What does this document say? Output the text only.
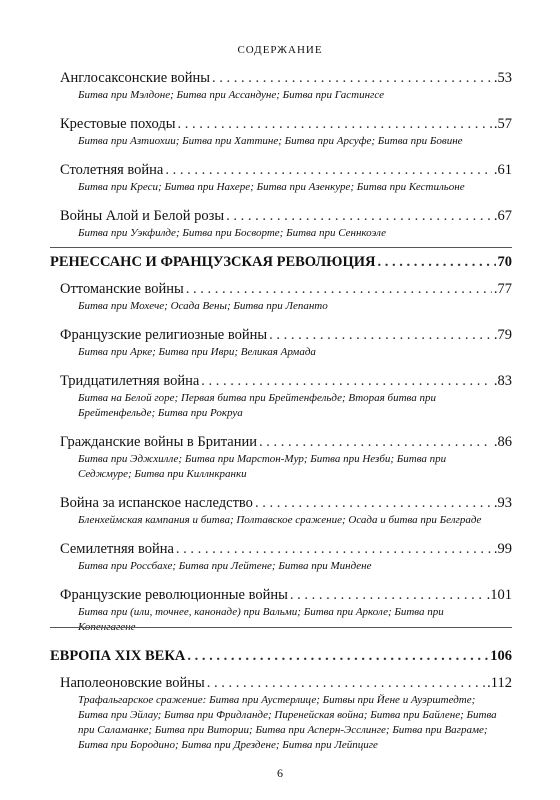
СОДЕРЖАНИЕ
Англосаксонские войны . . .	.53
Битва при Мэлдоне; Битва при Ассандуне; Битва при Гастингсе
Крестовые походы . . .	.57
Битва при Азтиохии; Битва при Хаттине; Битва при Арсуфе; Битва при Бовине
Столетняя война . . .	.61
Битва при Креси; Битва при Нахере; Битва при Азенкуре; Битва при Кестильоне
Войны Алой и Белой розы . . .	.67
Битва при Уэкфилде; Битва при Босворте; Битва при Сеннкоэле
РЕНЕССАНС И ФРАНЦУЗСКАЯ РЕВОЛЮЦИЯ . . .	70
Оттоманские войны . . .	.77
Битва при Мохече; Осада Вены; Битва при Лепанто
Французские религиозные войны . . .	.79
Битва при Арке; Битва при Иври; Великая Армада
Тридцатилетняя война . . .	.83
Битва на Белой горе; Первая битва при Брейтенфельде; Вторая битва при Брейтенфельде; Битва при Рокруа
Гражданские войны в Британии . . .	.86
Битва при Эджхилле; Битва при Марстон-Мур; Битва при Незби; Битва при Седжмуре; Битва при Киллнкранки
Война за испанское наследство . . .	.93
Бленхеймская кампания и битва; Полтавское сражение; Осада и битва при Белграде
Семилетняя война . . .	.99
Битва при Россбахе; Битва при Лейтене; Битва при Миндене
Французские революционные войны . . .	.101
Битва при (или, точнее, канонаде) при Вальми; Битва при Арколе; Битва при Копенгагене
ЕВРОПА XIX ВЕКА . . .	106
Наполеоновские войны . . .	.112
Трафальгарское сражение: Битва при Аустерлице; Битвы при Йене и Ауэрштедте; Битва при Эйлау; Битва при Фридланде; Пиренейская война; Битва при Байлене; Битва при Саламанке; Битва при Витории; Битва при Асперн-Эсслинге; Битва при Ваграме; Битва при Бородино; Битва при Дрездене; Битва при Лейпциге
6
